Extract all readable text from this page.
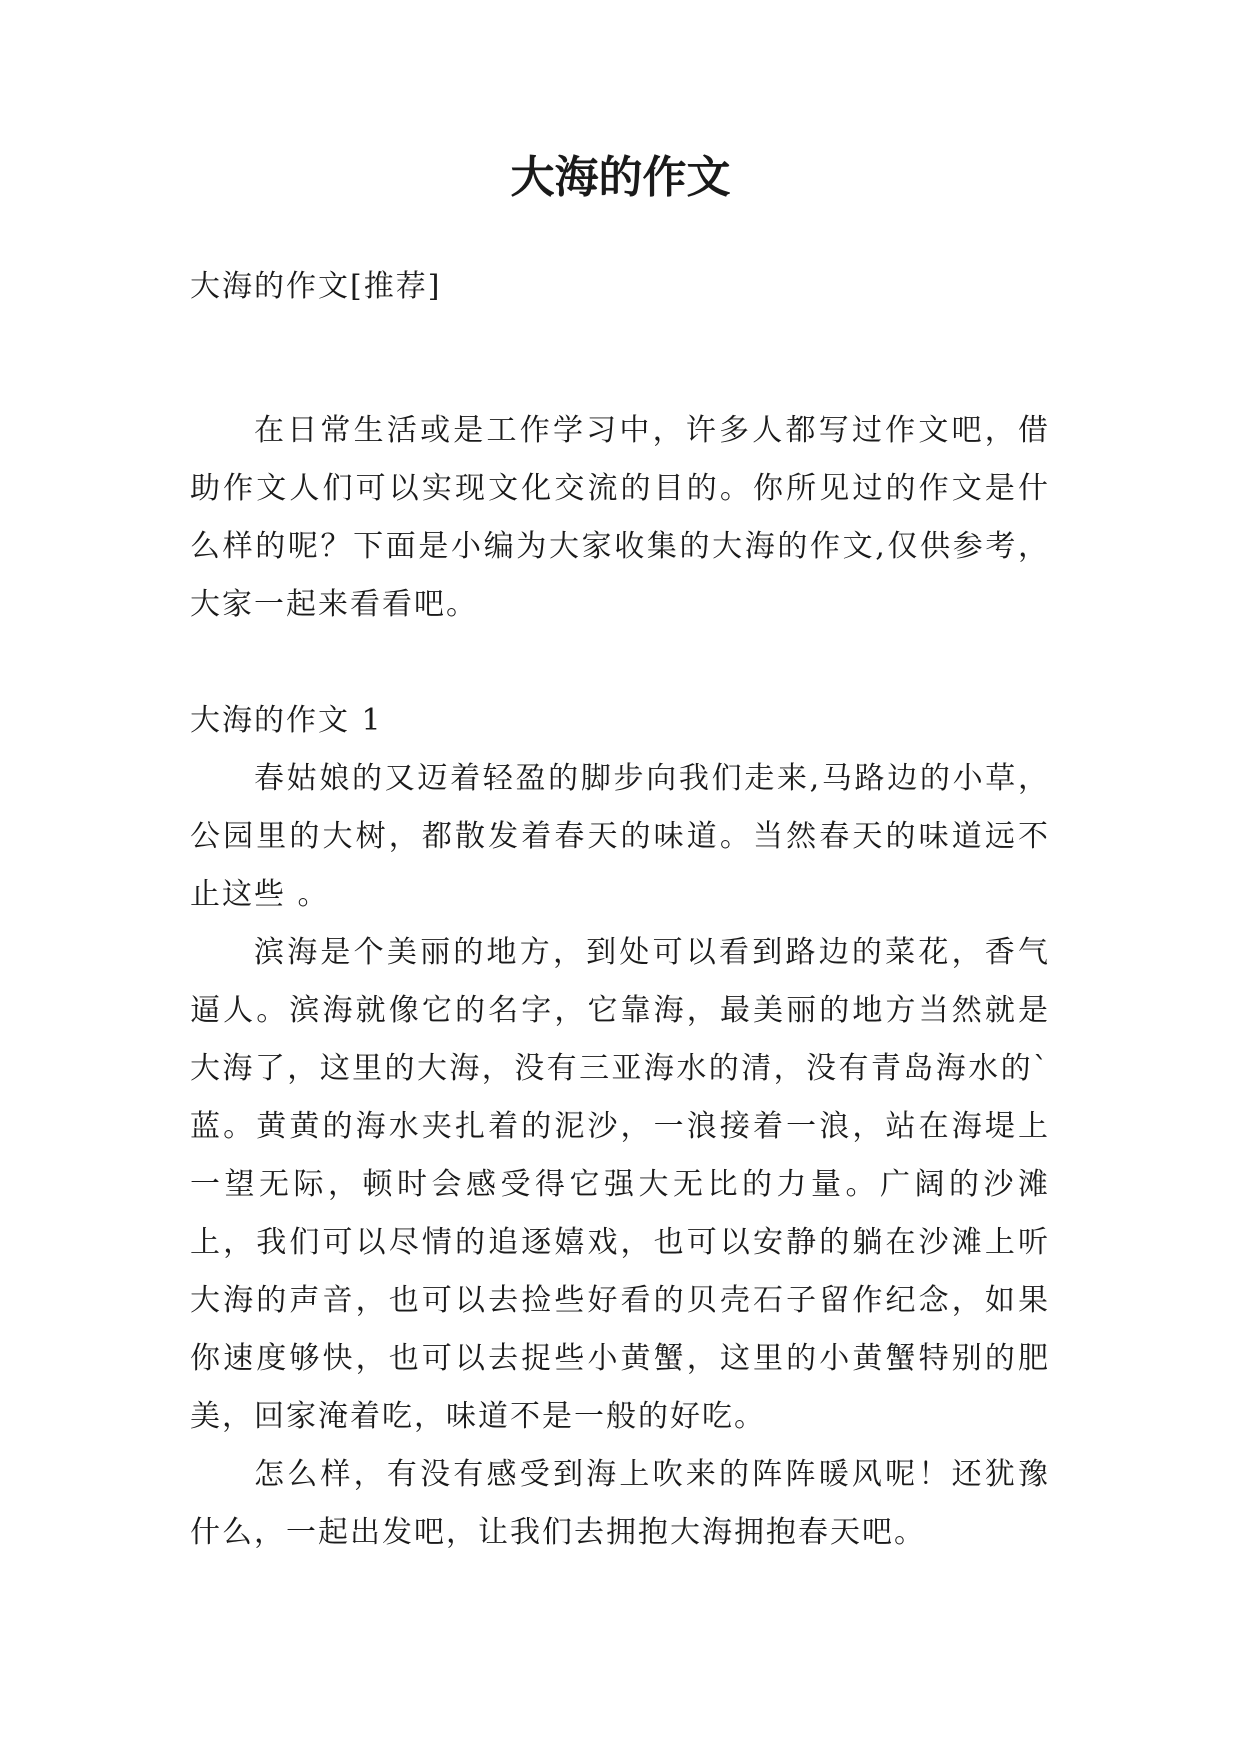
大海的作文

大海的作文[推荐]

在日常生活或是工作学习中，许多人都写过作文吧，借助作文人们可以实现文化交流的目的。你所见过的作文是什么样的呢？下面是小编为大家收集的大海的作文,仅供参考，大家一起来看看吧。

大海的作文 1

春姑娘的又迈着轻盈的脚步向我们走来,马路边的小草，公园里的大树，都散发着春天的味道。当然春天的味道远不止这些 。

滨海是个美丽的地方，到处可以看到路边的菜花，香气逼人。滨海就像它的名字，它靠海，最美丽的地方当然就是大海了，这里的大海，没有三亚海水的清，没有青岛海水的`蓝。黄黄的海水夹扎着的泥沙，一浪接着一浪，站在海堤上一望无际，顿时会感受得它强大无比的力量。广阔的沙滩上，我们可以尽情的追逐嬉戏，也可以安静的躺在沙滩上听大海的声音，也可以去捡些好看的贝壳石子留作纪念，如果你速度够快，也可以去捉些小黄蟹，这里的小黄蟹特别的肥美，回家淹着吃，味道不是一般的好吃。

怎么样，有没有感受到海上吹来的阵阵暖风呢！还犹豫什么，一起出发吧，让我们去拥抱大海拥抱春天吧。
